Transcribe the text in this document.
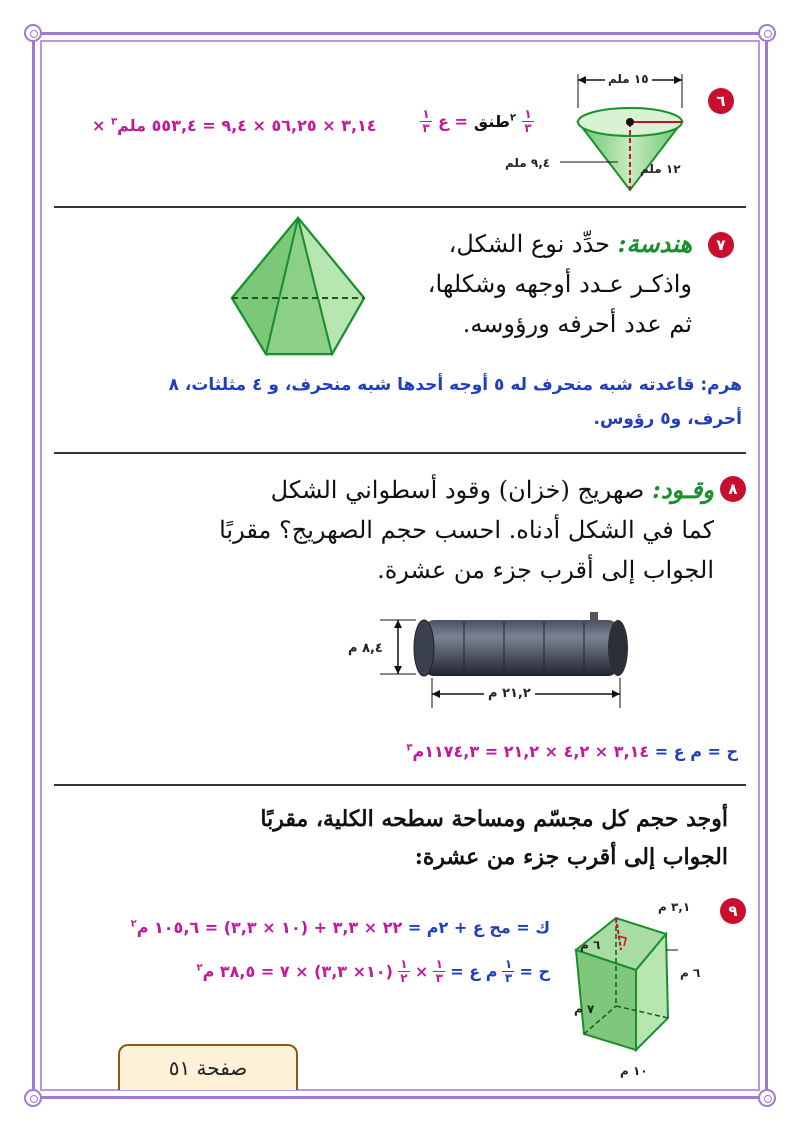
٦
١٥ ملم
٩,٤ ملم	١٢ ملم
× ٣,١٤ × ٥٦,٢٥ × ٩,٤ = ٥٥٣,٤ ملم$^٣$
١
٣ ع =	$^٢$طنق	١
٣
٧
هندسة: حدِّد نوع الشكل،
واذكـر عـدد أوجهه وشكلها،
ثم عدد أحرفه ورؤوسه.
هرم: قاعدته شبه منحرف له ٥ أوجه أحدها شبه منحرف، و ٤ مثلثات، ٨
أحرف، و٥ رؤوس.
٨
وقـود: صهريج (خزان) وقود أسطواني الشكل
كما في الشكل أدناه. احسب حجم الصهريج؟ مقربًا
الجواب إلى أقرب جزء من عشرة.
٨,٤ م
٢١,٢ م
ح = م ع = ٣,١٤ × ٤,٢ × ٢١,٢ = ١١٧٤,٣م$^٣$
أوجد حجم كل مجسّم ومساحة سطحه الكلية، مقربًا
الجواب إلى أقرب جزء من عشرة:
٩
٣,١ م
٦ م
٦ م
٧ م
١٠ م
ك = مح ع + ٢م = ٢٢ × ٣,٣ + (١٠ × ٣,٣) = ١٠٥,٦ م$^٢$
ح =
١
٣
م ع =
١
٣
×
١
٢
(١٠× ٣,٣) × ٧ = ٣٨,٥ م$^٢$
صفحة ٥١
